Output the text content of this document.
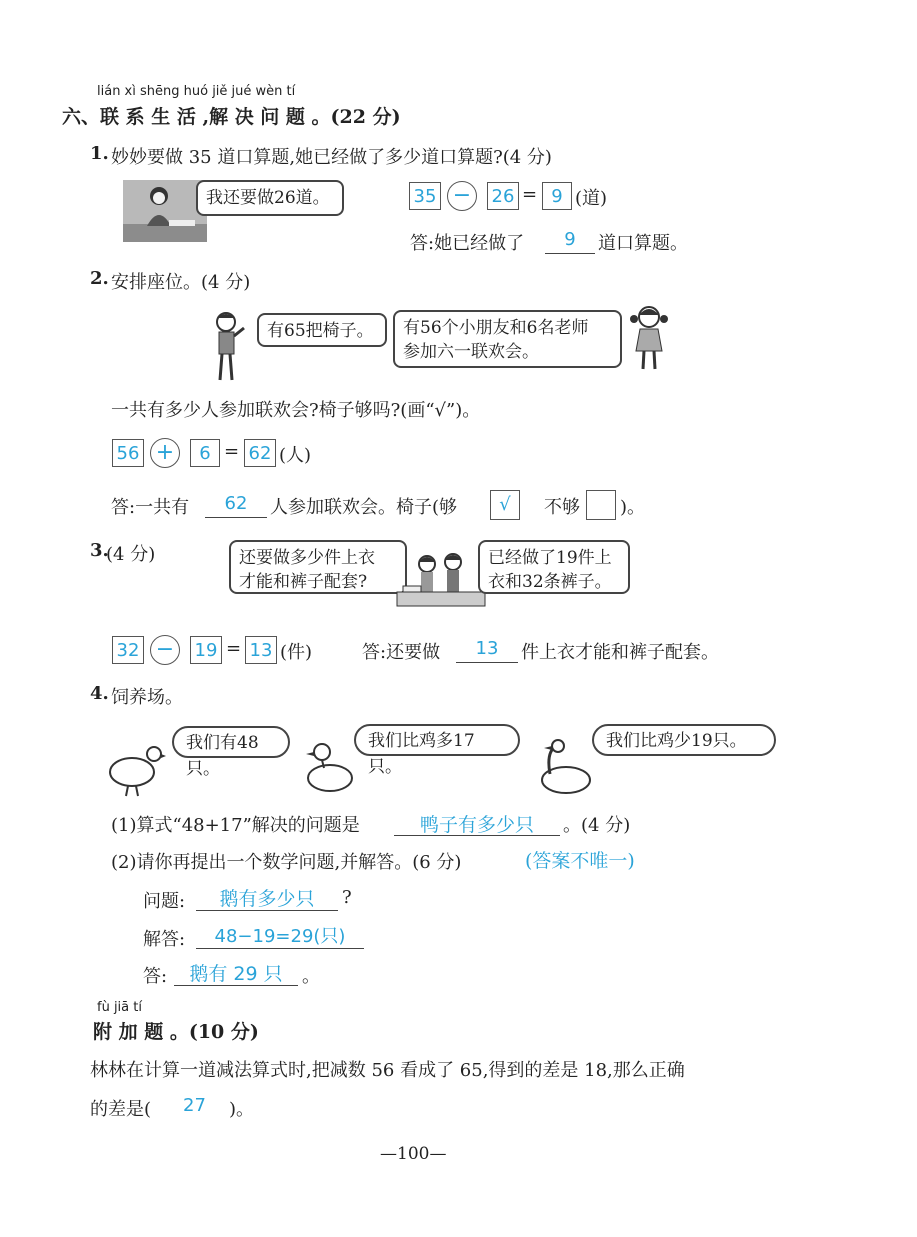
lián xì shēng huó jiě jué wèn tí
六、联 系 生 活 ,解 决 问 题 。(22 分)
1. 妙妙要做 35 道口算题,她已经做了多少道口算题?(4 分)
我还要做26道。	35 −	26 = 9 (道)
答:她已经做了	9	道口算题。
2. 安排座位。(4 分)
有65把椅子。	有56个小朋友和6名老师
参加六一联欢会。
一共有多少人参加联欢会?椅子够吗?(画“√”)。
56 +	6 = 62 (人)
答:一共有	62	人参加联欢会。椅子(够	√	不够 )。
3.
(4 分)	还要做多少件上衣
才能和裤子配套?
已经做了19件上
衣和32条裤子。
32 −	19 = 13 (件)	答:还要做	13	件上衣才能和裤子配套。
4. 饲养场。
我们有48只。
我们比鸡多17只。
我们比鸡少19只。
(1)算式“48+17”解决的问题是	鸭子有多少只	。(4 分)
(2)请你再提出一个数学问题,并解答。(6 分)	(答案不唯一)
问题:	鹅有多少只	?
解答:	48−19=29(只)
答:	鹅有 29 只	。
fù jiā tí
附 加 题 。(10 分)
林林在计算一道减法算式时,把减数 56 看成了 65,得到的差是 18,那么正确
的差是( 27 )。
—100—
